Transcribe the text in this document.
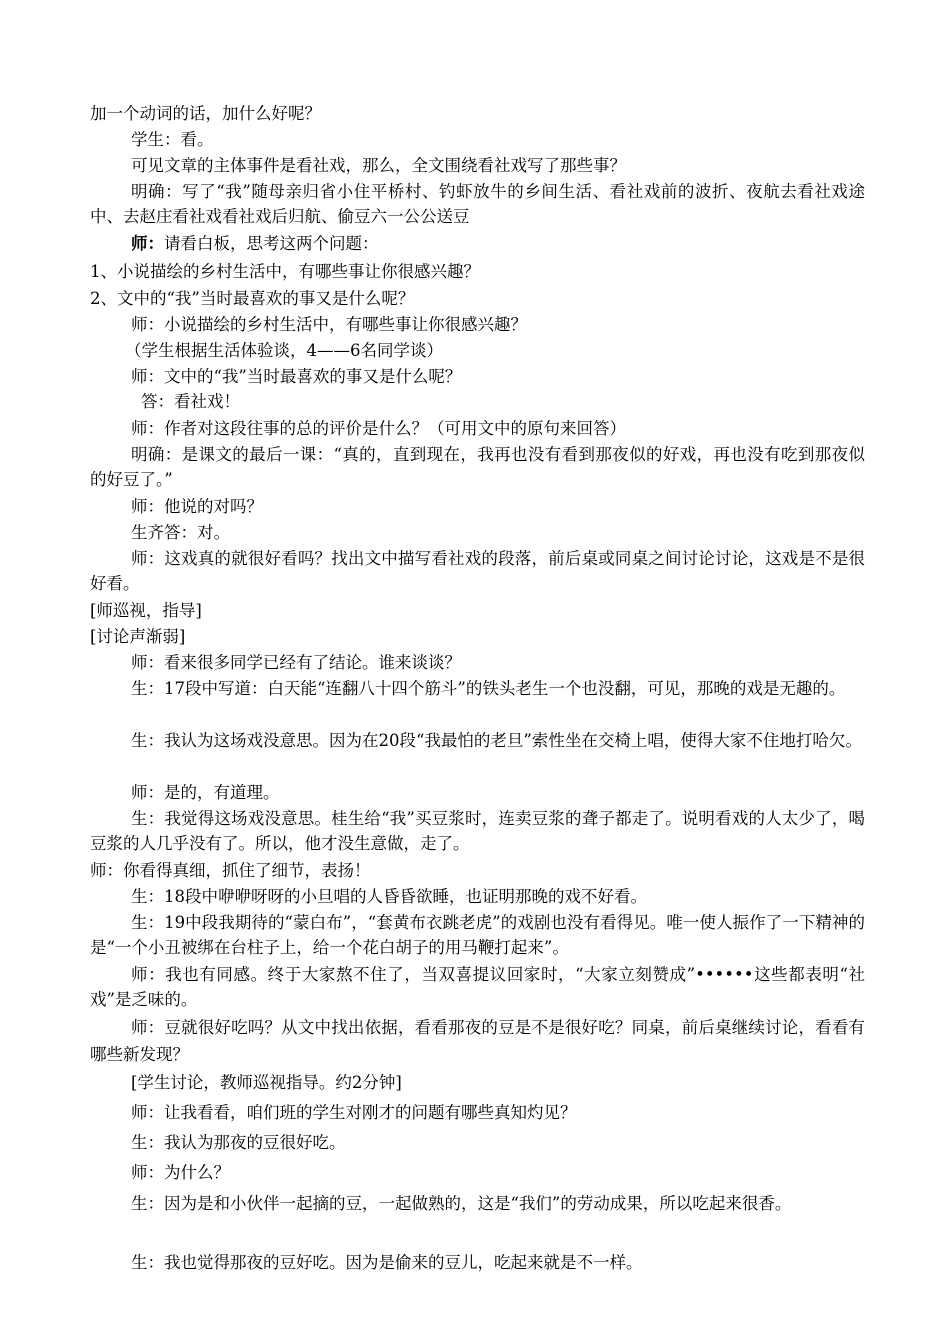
加一个动词的话，加什么好呢？

学生：看。

可见文章的主体事件是看社戏，那么，全文围绕看社戏写了那些事？

明确：写了“我”随母亲归省小住平桥村、钓虾放牛的乡间生活、看社戏前的波折、夜航去看社戏途中、去赵庄看社戏看社戏后归航、偷豆六一公公送豆

师：请看白板，思考这两个问题：

1、小说描绘的乡村生活中，有哪些事让你很感兴趣？

2、文中的“我”当时最喜欢的事又是什么呢？

师：小说描绘的乡村生活中，有哪些事让你很感兴趣？

（学生根据生活体验谈，4——6名同学谈）

师：文中的“我”当时最喜欢的事又是什么呢？

答：看社戏！

师：作者对这段往事的总的评价是什么？（可用文中的原句来回答）

明确：是课文的最后一课：“真的，直到现在，我再也没有看到那夜似的好戏，再也没有吃到那夜似的好豆了。”

师：他说的对吗？

生齐答：对。

师：这戏真的就很好看吗？找出文中描写看社戏的段落，前后桌或同桌之间讨论讨论，这戏是不是很好看。

[师巡视，指导]

[讨论声渐弱]

师：看来很多同学已经有了结论。谁来谈谈？

生：17段中写道：白天能“连翻八十四个筋斗”的铁头老生一个也没翻，可见，那晚的戏是无趣的。

生：我认为这场戏没意思。因为在20段“我最怕的老旦”索性坐在交椅上唱，使得大家不住地打哈欠。

师：是的，有道理。

生：我觉得这场戏没意思。桂生给“我”买豆浆时，连卖豆浆的聋子都走了。说明看戏的人太少了，喝豆浆的人几乎没有了。所以，他才没生意做，走了。

师：你看得真细，抓住了细节，表扬！

生：18段中咿咿呀呀的小旦唱的人昏昏欲睡，也证明那晚的戏不好看。

生：19中段我期待的“蒙白布”，“套黄布衣跳老虎”的戏剧也没有看得见。唯一使人振作了一下精神的是“一个小丑被绑在台柱子上，给一个花白胡子的用马鞭打起来”。

师：我也有同感。终于大家熬不住了，当双喜提议回家时，“大家立刻赞成”••••••这些都表明“社戏”是乏味的。

师：豆就很好吃吗？从文中找出依据，看看那夜的豆是不是很好吃？同桌，前后桌继续讨论，看看有哪些新发现？

[学生讨论，教师巡视指导。约2分钟]

师：让我看看，咱们班的学生对刚才的问题有哪些真知灼见？

生：我认为那夜的豆很好吃。

师：为什么？

生：因为是和小伙伴一起摘的豆，一起做熟的，这是“我们”的劳动成果，所以吃起来很香。

生：我也觉得那夜的豆好吃。因为是偷来的豆儿，吃起来就是不一样。
